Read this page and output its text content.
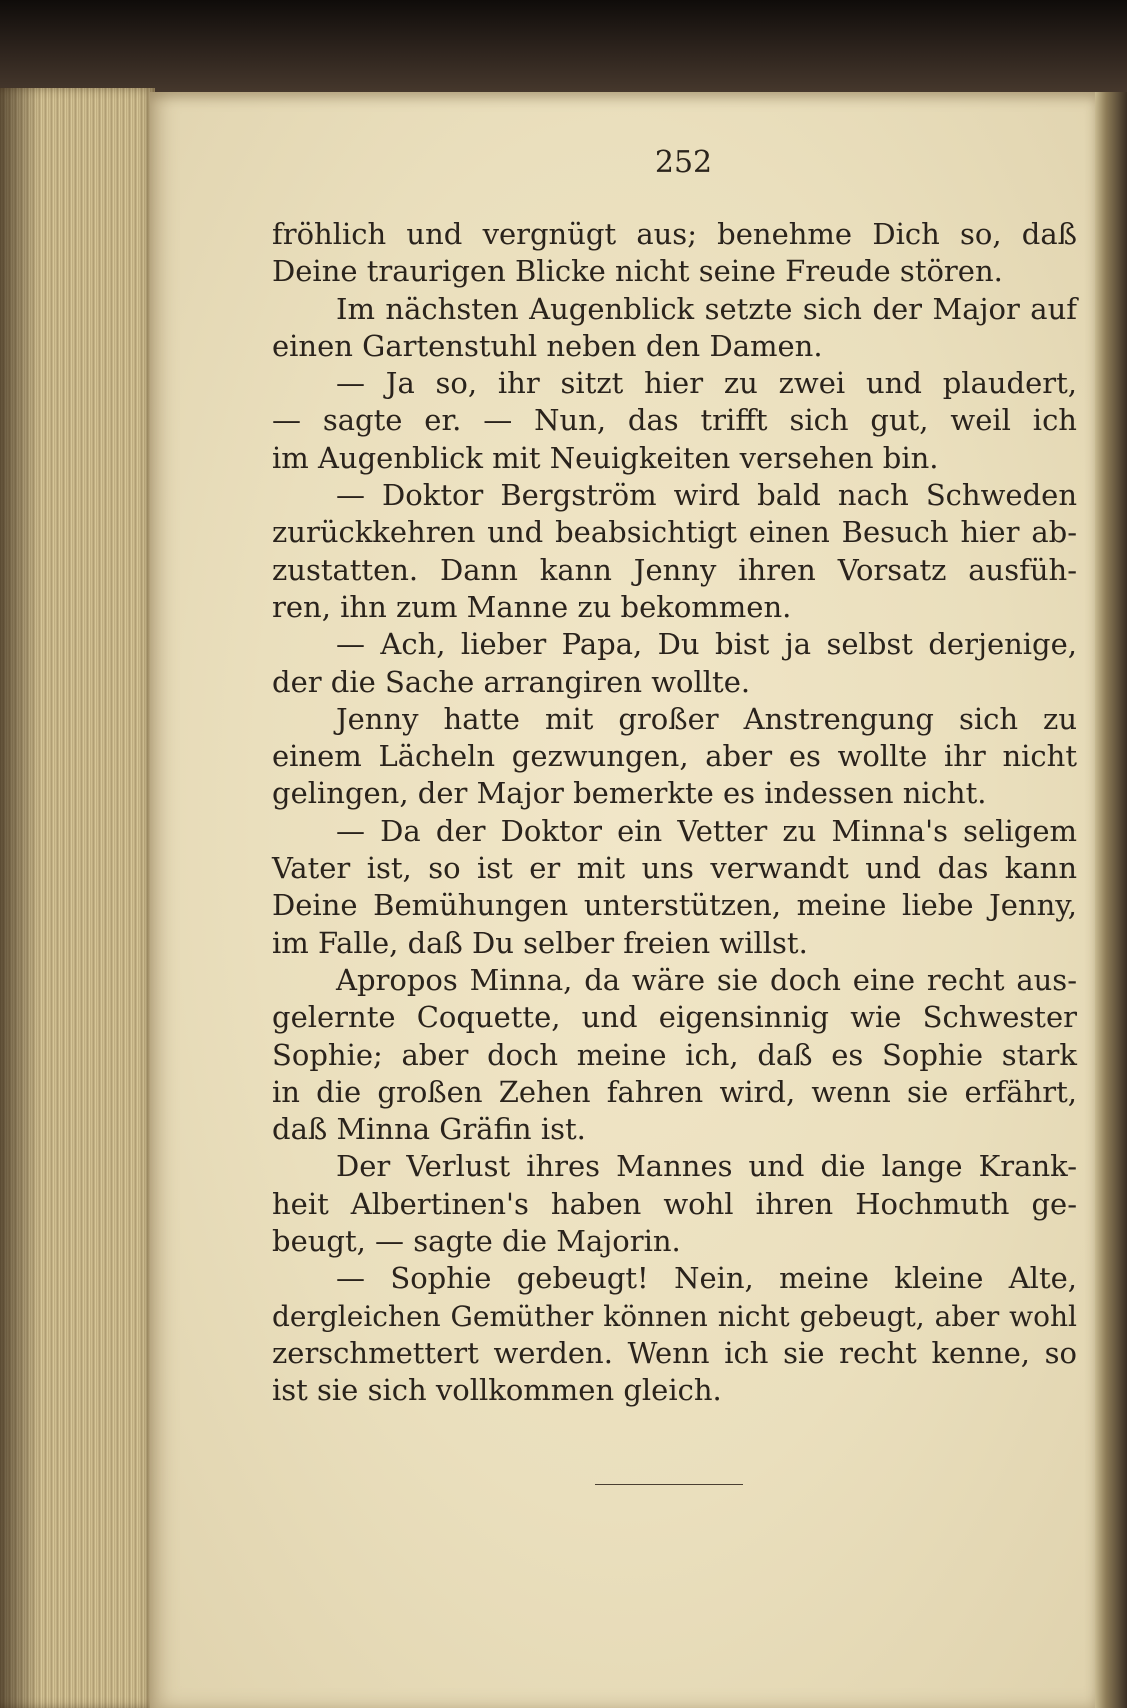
252
fröhlich und vergnügt aus; benehme Dich so, daß
Deine traurigen Blicke nicht seine Freude stören.
Im nächsten Augenblick setzte sich der Major auf
einen Gartenstuhl neben den Damen.
— Ja so, ihr sitzt hier zu zwei und plaudert,
— sagte er. — Nun, das trifft sich gut, weil ich
im Augenblick mit Neuigkeiten versehen bin.
— Doktor Bergström wird bald nach Schweden
zurückkehren und beabsichtigt einen Besuch hier ab-
zustatten. Dann kann Jenny ihren Vorsatz ausfüh-
ren, ihn zum Manne zu bekommen.
— Ach, lieber Papa, Du bist ja selbst derjenige,
der die Sache arrangiren wollte.
Jenny hatte mit großer Anstrengung sich zu
einem Lächeln gezwungen, aber es wollte ihr nicht
gelingen, der Major bemerkte es indessen nicht.
— Da der Doktor ein Vetter zu Minna's seligem
Vater ist, so ist er mit uns verwandt und das kann
Deine Bemühungen unterstützen, meine liebe Jenny,
im Falle, daß Du selber freien willst.
Apropos Minna, da wäre sie doch eine recht aus-
gelernte Coquette, und eigensinnig wie Schwester
Sophie; aber doch meine ich, daß es Sophie stark
in die großen Zehen fahren wird, wenn sie erfährt,
daß Minna Gräfin ist.
Der Verlust ihres Mannes und die lange Krank-
heit Albertinen's haben wohl ihren Hochmuth ge-
beugt, — sagte die Majorin.
— Sophie gebeugt! Nein, meine kleine Alte,
dergleichen Gemüther können nicht gebeugt, aber wohl
zerschmettert werden. Wenn ich sie recht kenne, so
ist sie sich vollkommen gleich.
